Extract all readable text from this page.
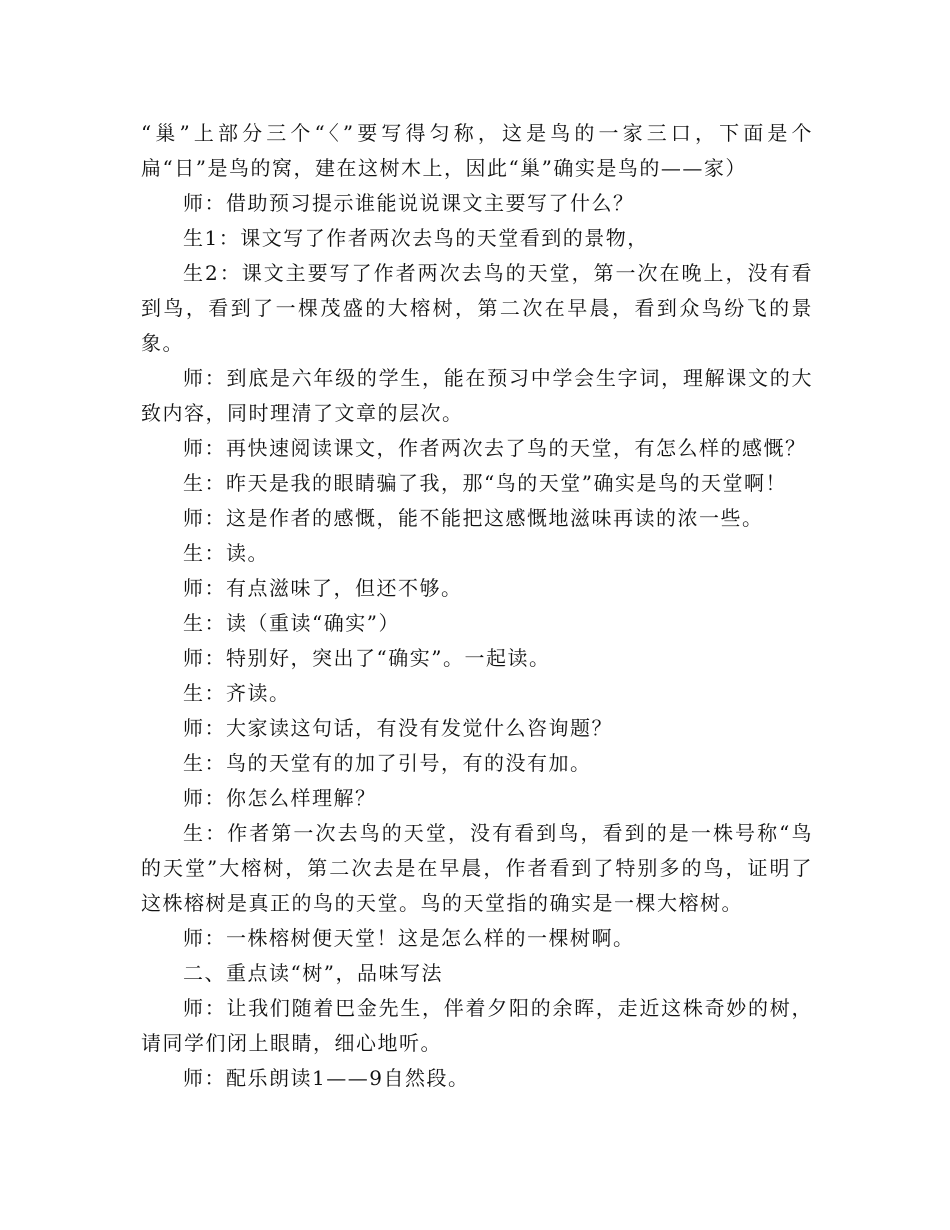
“巢”上部分三个“〈”要写得匀称，这是鸟的一家三口，下面是个扁“日”是鸟的窝，建在这树木上，因此“巢”确实是鸟的——家）

师：借助预习提示谁能说说课文主要写了什么？

生1：课文写了作者两次去鸟的天堂看到的景物，

生2：课文主要写了作者两次去鸟的天堂，第一次在晚上，没有看到鸟，看到了一棵茂盛的大榕树，第二次在早晨，看到众鸟纷飞的景象。

师：到底是六年级的学生，能在预习中学会生字词，理解课文的大致内容，同时理清了文章的层次。

师：再快速阅读课文，作者两次去了鸟的天堂，有怎么样的感慨？

生：昨天是我的眼睛骗了我，那“鸟的天堂”确实是鸟的天堂啊！

师：这是作者的感慨，能不能把这感慨地滋味再读的浓一些。

生：读。

师：有点滋味了，但还不够。

生：读（重读“确实”）

师：特别好，突出了“确实”。一起读。

生：齐读。

师：大家读这句话，有没有发觉什么咨询题？

生：鸟的天堂有的加了引号，有的没有加。

师：你怎么样理解？

生：作者第一次去鸟的天堂，没有看到鸟，看到的是一株号称“鸟的天堂”大榕树，第二次去是在早晨，作者看到了特别多的鸟，证明了这株榕树是真正的鸟的天堂。鸟的天堂指的确实是一棵大榕树。

师：一株榕树便天堂！这是怎么样的一棵树啊。

二、重点读“树”，品味写法

师：让我们随着巴金先生，伴着夕阳的余晖，走近这株奇妙的树，请同学们闭上眼睛，细心地听。

师：配乐朗读1——9自然段。
